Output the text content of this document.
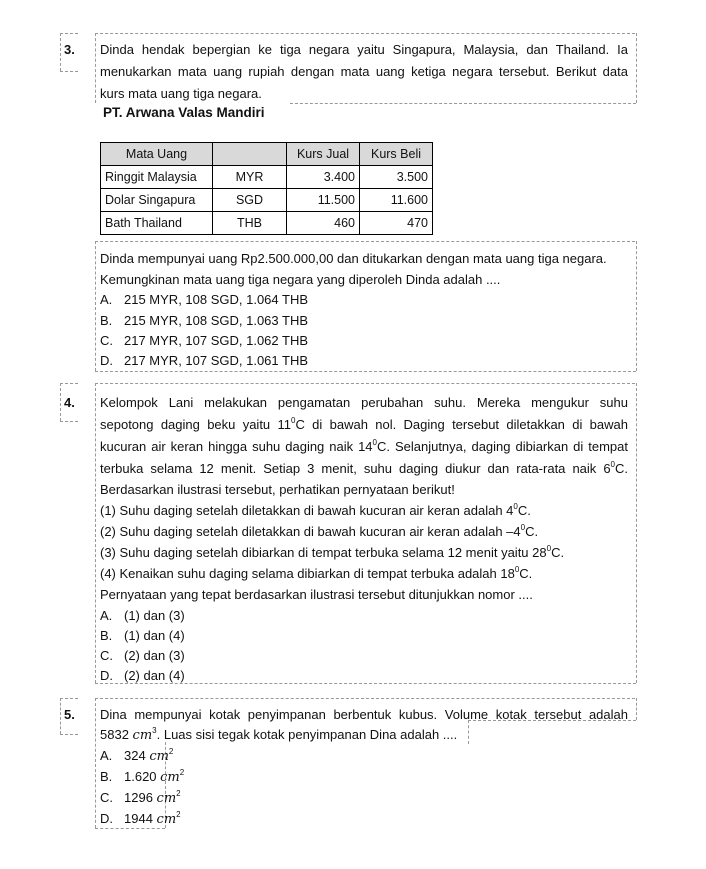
3. Dinda hendak bepergian ke tiga negara yaitu Singapura, Malaysia, dan Thailand. Ia
menukarkan mata uang rupiah dengan mata uang ketiga negara tersebut. Berikut data
kurs mata uang tiga negara.
PT. Arwana Valas Mandiri
Mata Uang		Kurs Jual	Kurs Beli
Ringgit Malaysia	MYR	3.400	3.500
Dolar Singapura	SGD	11.500	11.600
Bath Thailand	THB	460	470
Dinda mempunyai uang Rp2.500.000,00 dan ditukarkan dengan mata uang tiga negara.
Kemungkinan mata uang tiga negara yang diperoleh Dinda adalah ....
A. 215 MYR, 108 SGD, 1.064 THB
B. 215 MYR, 108 SGD, 1.063 THB
C. 217 MYR, 107 SGD, 1.062 THB
D. 217 MYR, 107 SGD, 1.061 THB
4. Kelompok Lani melakukan pengamatan perubahan suhu. Mereka mengukur suhu
sepotong daging beku yaitu $11^0C$ di bawah nol. Daging tersebut diletakkan di bawah
kucuran air keran hingga suhu daging naik $14^0C$. Selanjutnya, daging dibiarkan di tempat
terbuka selama 12 menit. Setiap 3 menit, suhu daging diukur dan rata-rata naik $6^0C$.
Berdasarkan ilustrasi tersebut, perhatikan pernyataan berikut!
(1) Suhu daging setelah diletakkan di bawah kucuran air keran adalah $4^0C$.
(2) Suhu daging setelah diletakkan di bawah kucuran air keran adalah $-4^0C$.
(3) Suhu daging setelah dibiarkan di tempat terbuka selama 12 menit yaitu $28^0C$.
(4) Kenaikan suhu daging selama dibiarkan di tempat terbuka adalah $18^0C$.
Pernyataan yang tepat berdasarkan ilustrasi tersebut ditunjukkan nomor ....
A. (1) dan (3)
B. (1) dan (4)
C. (2) dan (3)
D. (2) dan (4)
5. Dina mempunyai kotak penyimpanan berbentuk kubus. Volume kotak tersebut adalah
5832 $cm^3$. Luas sisi tegak kotak penyimpanan Dina adalah ....
A. 324 $cm^2$
B. 1.620 $cm^2$
C. 1296 $cm^2$
D. 1944 $cm^2$
